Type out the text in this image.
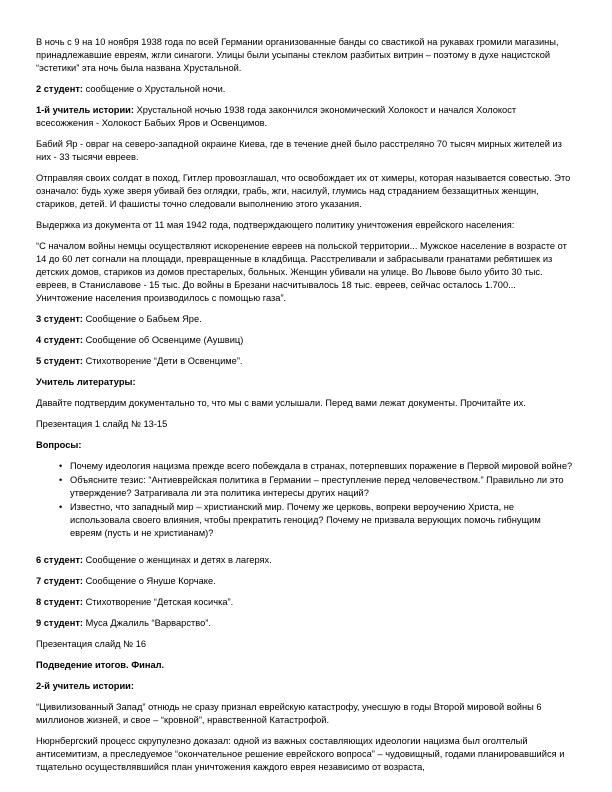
В ночь с 9 на 10 ноября 1938 года по всей Германии организованные банды со свастикой на рукавах громили магазины, принадлежавшие евреям, жгли синагоги. Улицы были усыпаны стеклом разбитых витрин – поэтому в духе нацистской “эстетики” эта ночь была названа Хрустальной.

2 студент: сообщение о Хрустальной ночи.

1-й учитель истории: Хрустальной ночью 1938 года закончился экономический Холокост и начался Холокост всесожжения - Холокост Бабьих Яров и Освенцимов.

Бабий Яр - овраг на северо-западной окраине Киева, где в течение дней было расстреляно 70 тысяч мирных жителей из них - 33 тысячи евреев.

Отправляя своих солдат в поход, Гитлер провозглашал, что освобождает их от химеры, которая называется совестью. Это означало: будь хуже зверя убивай без оглядки, грабь, жги, насилуй, глумись над страданием беззащитных женщин, стариков, детей. И фашисты точно следовали выполнению этого указания.

Выдержка из документа от 11 мая 1942 года, подтверждающего политику уничтожения еврейского населения:

“С началом войны немцы осуществляют искоренение евреев на польской территории... Мужское население в возрасте от 14 до 60 лет согнали на площади, превращенные в кладбища. Расстреливали и забрасывали гранатами ребятишек из детских домов, стариков из домов престарелых, больных. Женщин убивали на улице. Во Львове было убито 30 тыс. евреев, в Станиславове - 15 тыс. До войны в Брезани насчитывалось 18 тыс. евреев, сейчас осталось 1.700... Уничтожение населения производилось с помощью газа”.

3 студент: Сообщение о Бабьем Яре.

4 студент: Сообщение об Освенциме (Аушвиц)

5 студент: Стихотворение “Дети в Освенциме”.

Учитель литературы:

Давайте подтвердим документально то, что мы с вами услышали. Перед вами лежат документы. Прочитайте их.

Презентация 1 слайд № 13-15

Вопросы:

• Почему идеология нацизма прежде всего побеждала в странах, потерпевших поражение в Первой мировой войне?
• Объясните тезис: “Антиеврейская политика в Германии – преступление перед человечеством.” Правильно ли это утверждение? Затрагивала ли эта политика интересы других наций?
• Известно, что западный мир – христианский мир. Почему же церковь, вопреки вероучению Христа, не использовала своего влияния, чтобы прекратить геноцид? Почему не призвала верующих помочь гибнущим евреям (пусть и не христианам)?

6 студент: Сообщение о женщинах и детях в лагерях.

7 студент: Сообщение о Януше Корчаке.

8 студент: Стихотворение “Детская косичка”.

9 студент: Муса Джалиль “Варварство”.

Презентация слайд № 16

Подведение итогов. Финал.

2-й учитель истории:

“Цивилизованный Запад” отнюдь не сразу признал еврейскую катастрофу, унесшую в годы Второй мировой войны 6 миллионов жизней, и свое – “кровной”, нравственной Катастрофой.

Нюрнбергский процесс скрупулезно доказал: одной из важных составляющих идеологии нацизма был оголтелый антисемитизм, а преследуемое “окончательное решение еврейского вопроса” – чудовищный, годами планировавшийся и тщательно осуществлявшийся план уничтожения каждого еврея независимо от возраста,
